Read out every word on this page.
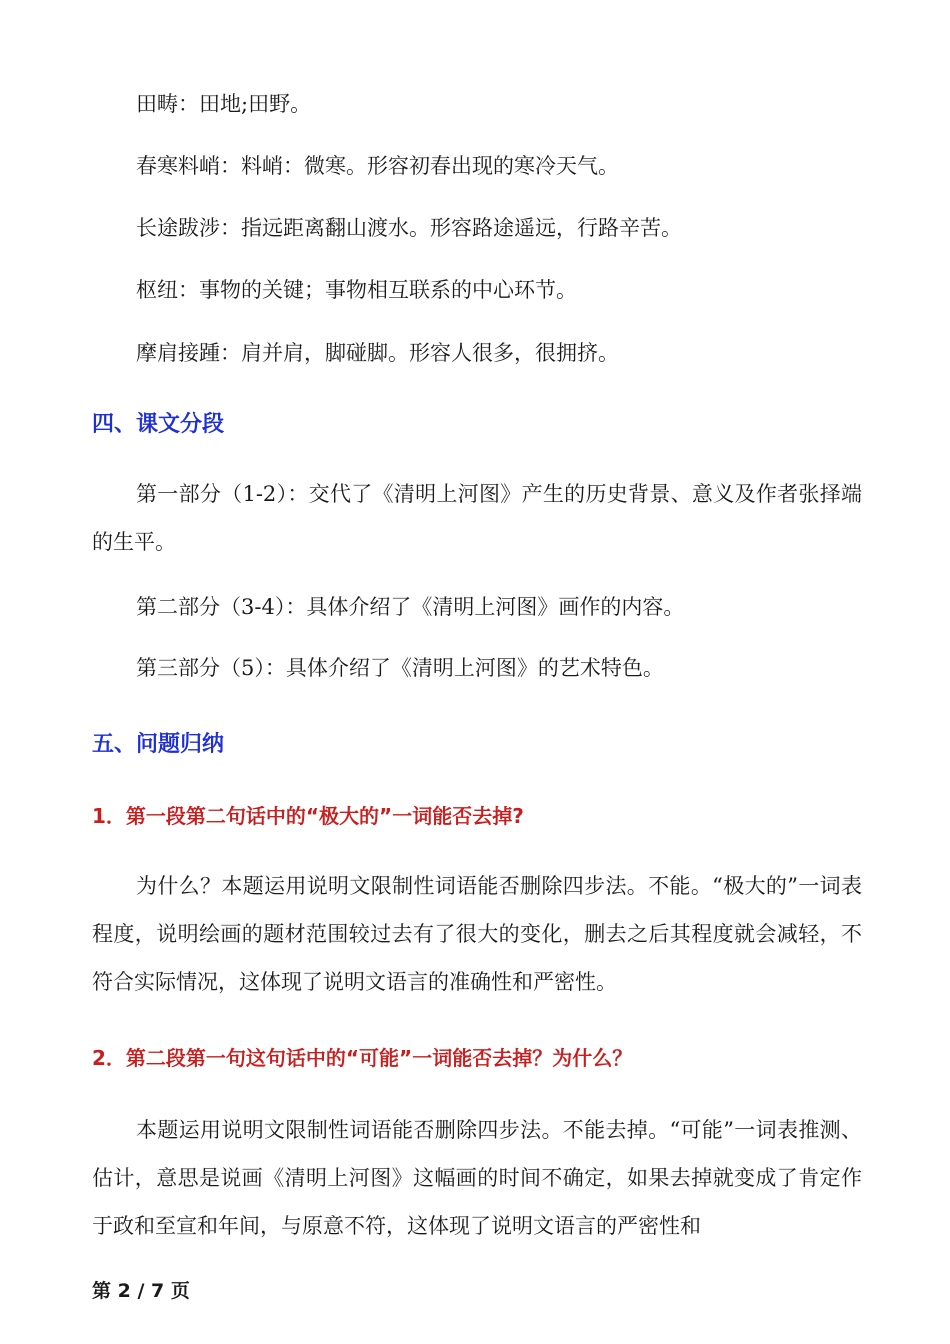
田畴：田地;田野。
春寒料峭：料峭：微寒。形容初春出现的寒冷天气。
长途跋涉：指远距离翻山渡水。形容路途遥远，行路辛苦。
枢纽：事物的关键；事物相互联系的中心环节。
摩肩接踵：肩并肩，脚碰脚。形容人很多，很拥挤。
四、课文分段
第一部分（1-2）：交代了《清明上河图》产生的历史背景、意义及作者张择端的生平。
第二部分（3-4）：具体介绍了《清明上河图》画作的内容。
第三部分（5）：具体介绍了《清明上河图》的艺术特色。
五、问题归纳
1．第一段第二句话中的“极大的”一词能否去掉?
为什么？本题运用说明文限制性词语能否删除四步法。不能。“极大的”一词表程度，说明绘画的题材范围较过去有了很大的变化，删去之后其程度就会减轻，不符合实际情况，这体现了说明文语言的准确性和严密性。
2．第二段第一句这句话中的“可能”一词能否去掉？为什么？
本题运用说明文限制性词语能否删除四步法。不能去掉。“可能”一词表推测、估计，意思是说画《清明上河图》这幅画的时间不确定，如果去掉就变成了肯定作于政和至宣和年间，与原意不符，这体现了说明文语言的严密性和
第 2 / 7 页
